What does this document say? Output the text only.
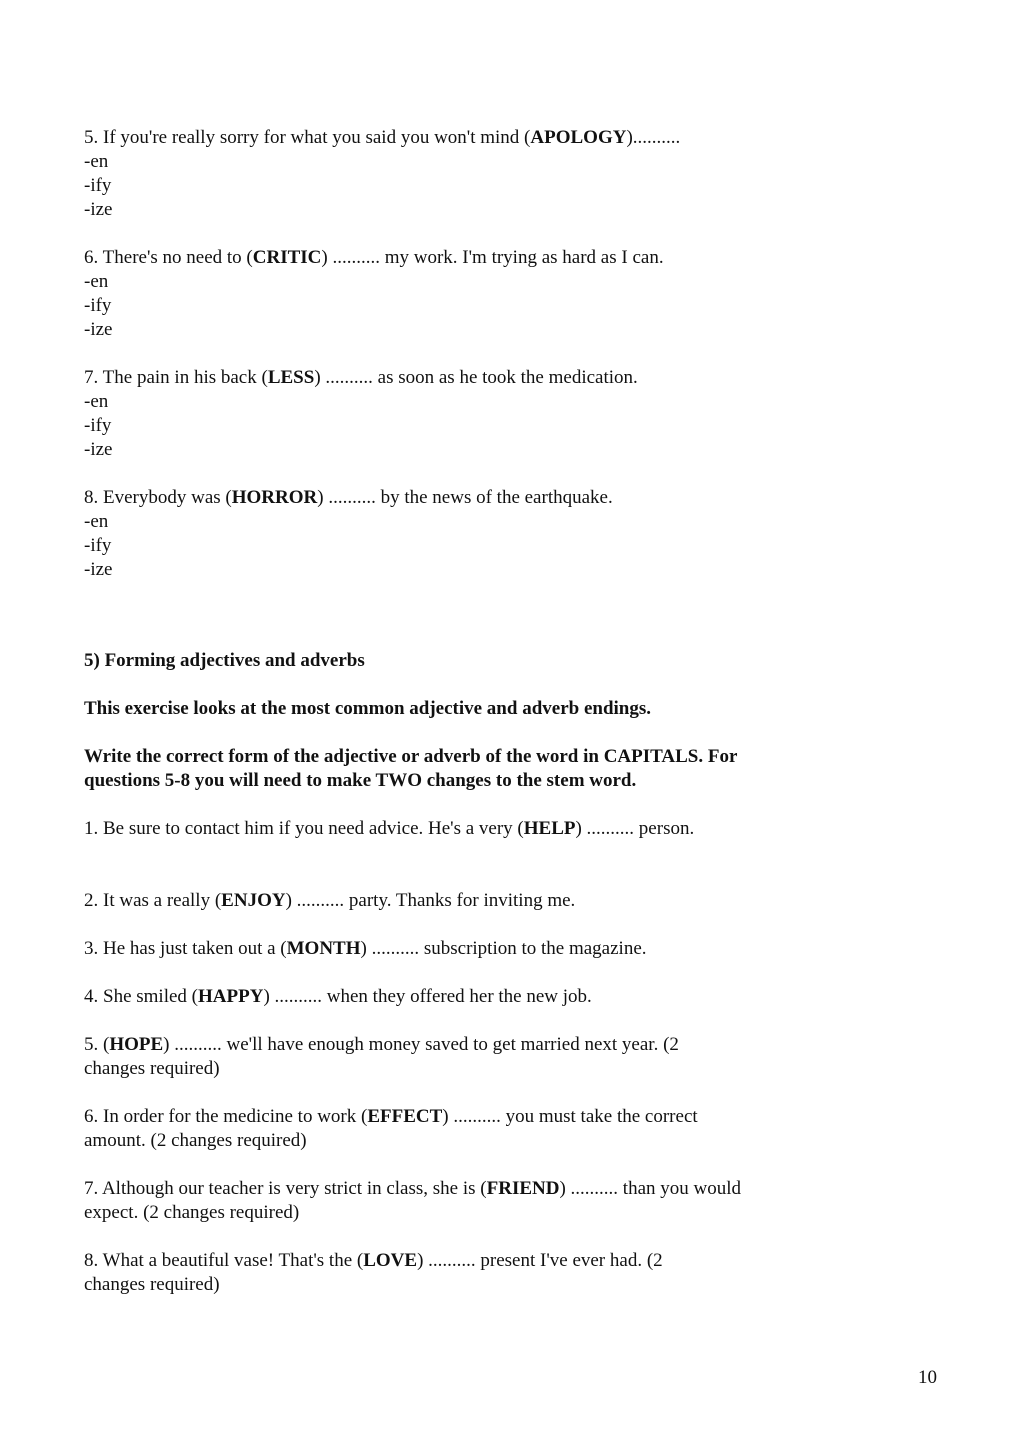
5. If you're really sorry for what you said you won't mind (APOLOGY)..........

-en
-ify
-ize

6. There's no need to (CRITIC) .......... my work. I'm trying as hard as I can.

-en
-ify
-ize

7. The pain in his back (LESS) .......... as soon as he took the medication.

-en
-ify
-ize

8. Everybody was (HORROR) .......... by the news of the earthquake.

-en
-ify
-ize
5) Forming adjectives and adverbs
This exercise looks at the most common adjective and adverb endings.
Write the correct form of the adjective or adverb of the word in CAPITALS. For questions 5-8 you will need to make TWO changes to the stem word.

1. Be sure to contact him if you need advice. He's a very (HELP) .......... person.

2. It was a really (ENJOY) .......... party. Thanks for inviting me.

3. He has just taken out a (MONTH) .......... subscription to the magazine.

4. She smiled (HAPPY) .......... when they offered her the new job.

5. (HOPE) .......... we'll have enough money saved to get married next year. (2 changes required)

6. In order for the medicine to work (EFFECT) .......... you must take the correct amount. (2 changes required)

7. Although our teacher is very strict in class, she is (FRIEND) .......... than you would expect. (2 changes required)

8. What a beautiful vase! That's the (LOVE) .......... present I've ever had. (2 changes required)

10
